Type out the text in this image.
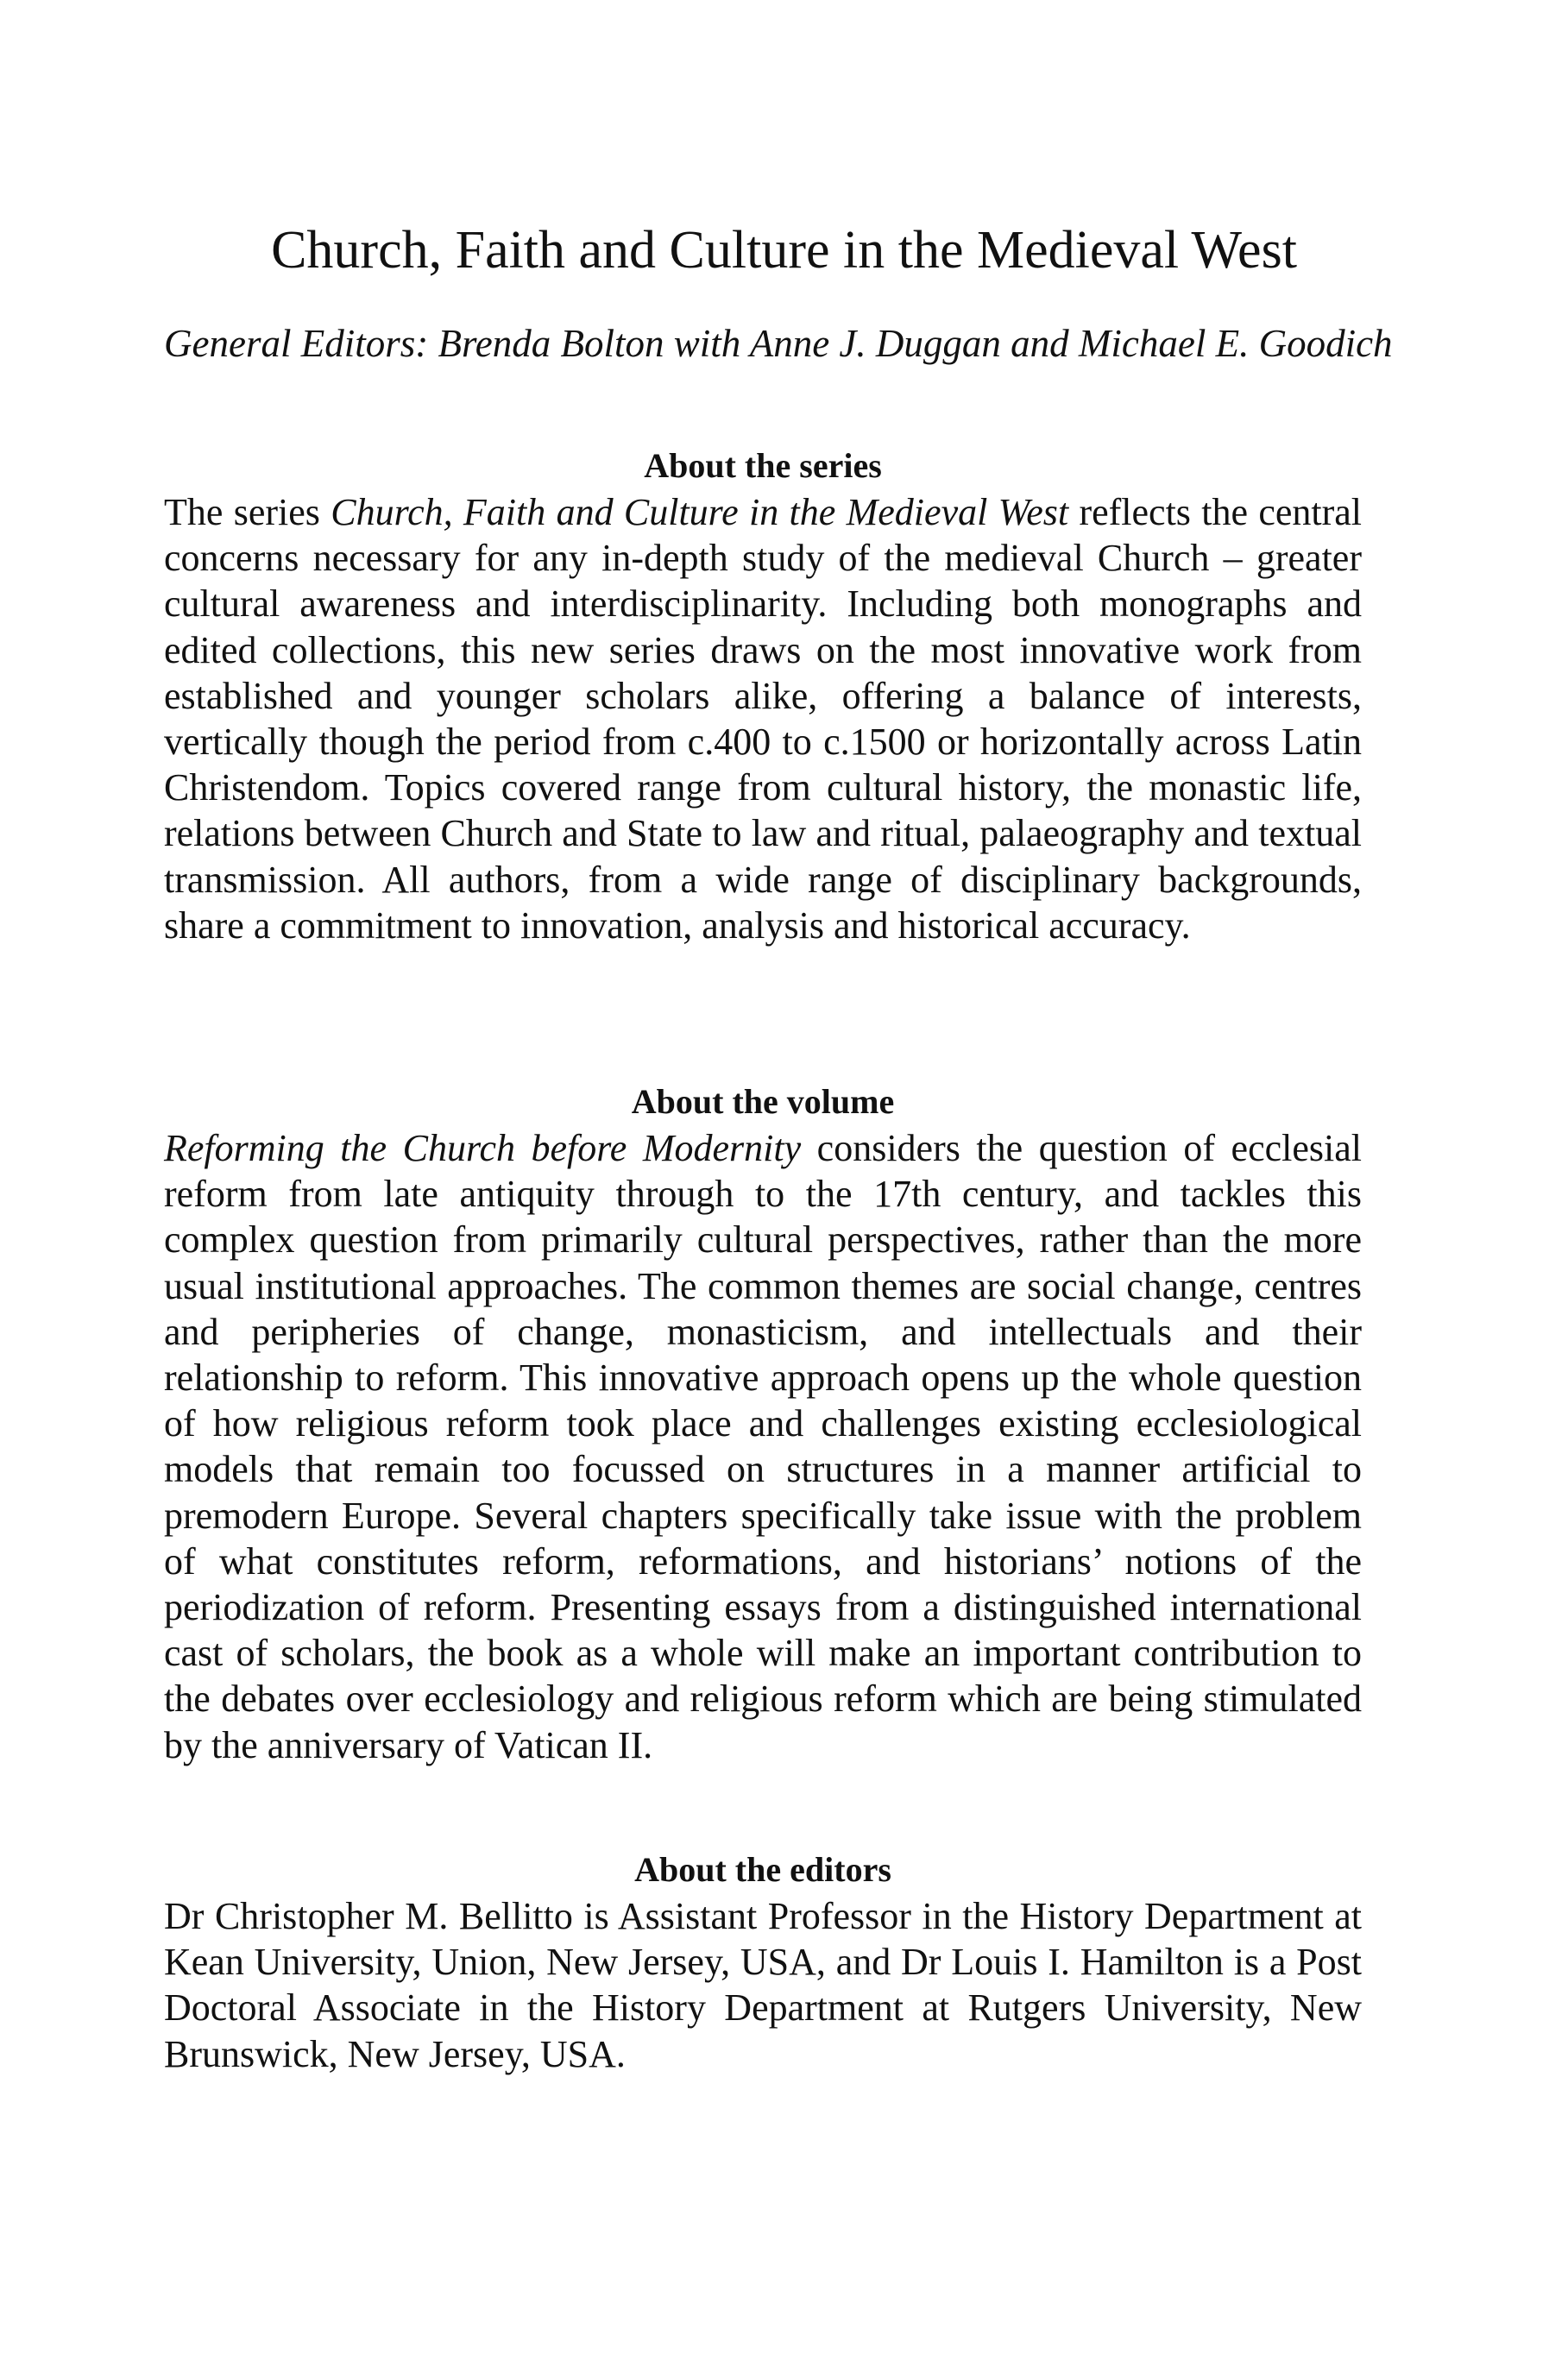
Church, Faith and Culture in the Medieval West

General Editors: Brenda Bolton with Anne J. Duggan and Michael E. Goodich

About the series

The series Church, Faith and Culture in the Medieval West reflects the central concerns necessary for any in-depth study of the medieval Church – greater cultural awareness and interdisciplinarity. Including both monographs and edited collections, this new series draws on the most innovative work from established and younger scholars alike, offering a balance of interests, vertically though the period from c.400 to c.1500 or horizontally across Latin Christendom. Topics covered range from cultural history, the monastic life, relations between Church and State to law and ritual, palaeography and textual transmission. All authors, from a wide range of disciplinary backgrounds, share a commitment to innovation, analysis and historical accuracy.

About the volume

Reforming the Church before Modernity considers the question of ecclesial reform from late antiquity through to the 17th century, and tackles this complex question from primarily cultural perspectives, rather than the more usual institutional approaches. The common themes are social change, centres and peripheries of change, monasticism, and intellectuals and their relationship to reform. This innovative approach opens up the whole question of how religious reform took place and challenges existing ecclesiological models that remain too focussed on structures in a manner artificial to premodern Europe. Several chapters specifically take issue with the problem of what constitutes reform, reformations, and historians’ notions of the periodization of reform. Presenting essays from a distinguished international cast of scholars, the book as a whole will make an important contribution to the debates over ecclesiology and religious reform which are being stimulated by the anniversary of Vatican II.

About the editors

Dr Christopher M. Bellitto is Assistant Professor in the History Department at Kean University, Union, New Jersey, USA, and Dr Louis I. Hamilton is a Post Doctoral Associate in the History Department at Rutgers University, New Brunswick, New Jersey, USA.
